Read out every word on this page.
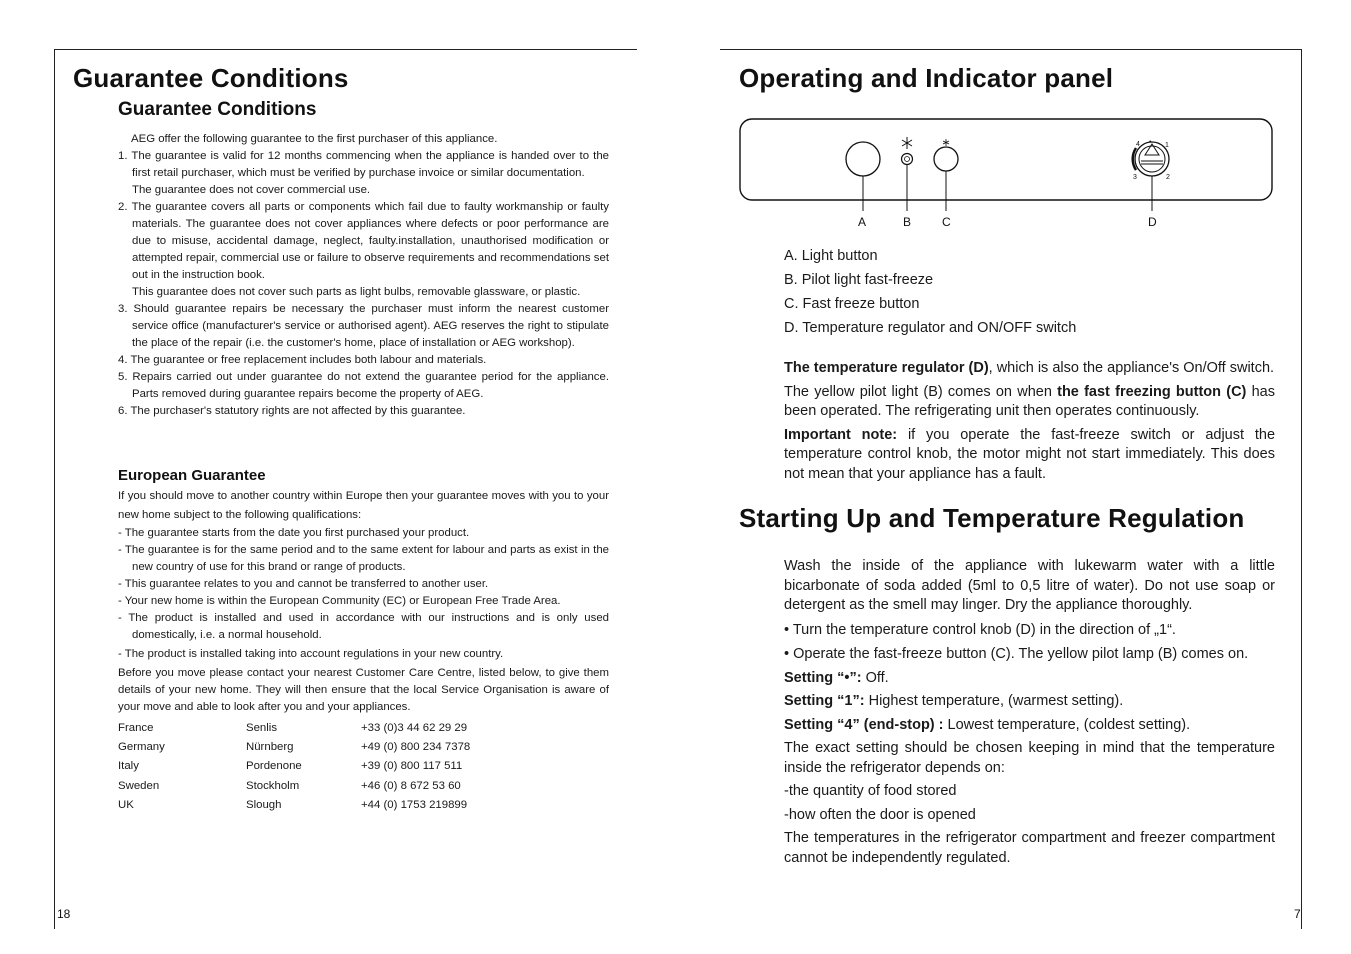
Guarantee Conditions
Guarantee Conditions
AEG offer the following guarantee to the first purchaser of this appliance.
1. The guarantee is valid for 12 months commencing when the appliance is handed over to the first retail purchaser, which must be verified by purchase invoice or similar documentation.
The guarantee does not cover commercial use.
2. The guarantee covers all parts or components which fail due to faulty workmanship or faulty materials. The guarantee does not cover appliances where defects or poor performance are due to misuse, accidental damage, neglect, faulty.installation, unauthorised modification or attempted repair, commercial use or failure to observe requirements and recommendations set out in the instruction book.
This guarantee does not cover such parts as light bulbs, removable glassware, or plastic.
3. Should guarantee repairs be necessary the purchaser must inform the nearest customer service office (manufacturer's service or authorised agent). AEG reserves the right to stipulate the place of the repair (i.e. the customer's home, place of installation or AEG workshop).
4. The guarantee or free replacement includes both labour and materials.
5. Repairs carried out under guarantee do not extend the guarantee period for the appliance. Parts removed during guarantee repairs become the property of AEG.
6. The purchaser's statutory rights are not affected by this guarantee.
European Guarantee
If you should move to another country within Europe then your guarantee moves with you to your new home subject to the following qualifications:
- The guarantee starts from the date you first purchased your product.
- The guarantee is for the same period and to the same extent for labour and parts as exist in the new country of use for this brand or range of products.
- This guarantee relates to you and cannot be transferred to another user.
- Your new home is within the European Community (EC) or European Free Trade Area.
- The product is installed and used in accordance with our instructions and is only used domestically, i.e. a normal household.
- The product is installed taking into account regulations in your new country.
Before you move please contact your nearest Customer Care Centre, listed below, to give them details of your new home. They will then ensure that the local Service Organisation is aware of your move and able to look after you and your appliances.
France	Senlis	+33 (0)3 44 62 29 29
Germany	Nürnberg	+49 (0) 800 234 7378
Italy	Pordenone	+39 (0) 800 117 511
Sweden	Stockholm	+46 (0) 8 672 53 60
UK	Slough	+44 (0) 1753 219899
18
Operating and Indicator panel
4 • 1
3	2
A	B	C	D
A. Light button
B. Pilot light fast-freeze
C. Fast freeze button
D. Temperature regulator and ON/OFF switch

The temperature regulator (D), which is also the appliance's On/Off switch.

The yellow pilot light (B) comes on when the fast freezing button (C) has been operated. The refrigerating unit then operates continuously.

Important note: if you operate the fast-freeze switch or adjust the temperature control knob, the motor might not start immediately. This does not mean that your appliance has a fault.

Starting Up and Temperature Regulation

Wash the inside of the appliance with lukewarm water with a little bicarbonate of soda added (5ml to 0,5 litre of water). Do not use soap or detergent as the smell may linger. Dry the appliance thoroughly.

• Turn the temperature control knob (D) in the direction of „1“.

• Operate the fast-freeze button (C). The yellow pilot lamp (B) comes on.

Setting “•”: Off.

Setting “1”: Highest temperature, (warmest setting).

Setting “4” (end-stop) : Lowest temperature, (coldest setting).

The exact setting should be chosen keeping in mind that the temperature inside the refrigerator depends on:

-the quantity of food stored

-how often the door is opened

The temperatures in the refrigerator compartment and freezer compartment cannot be independently regulated.

7
